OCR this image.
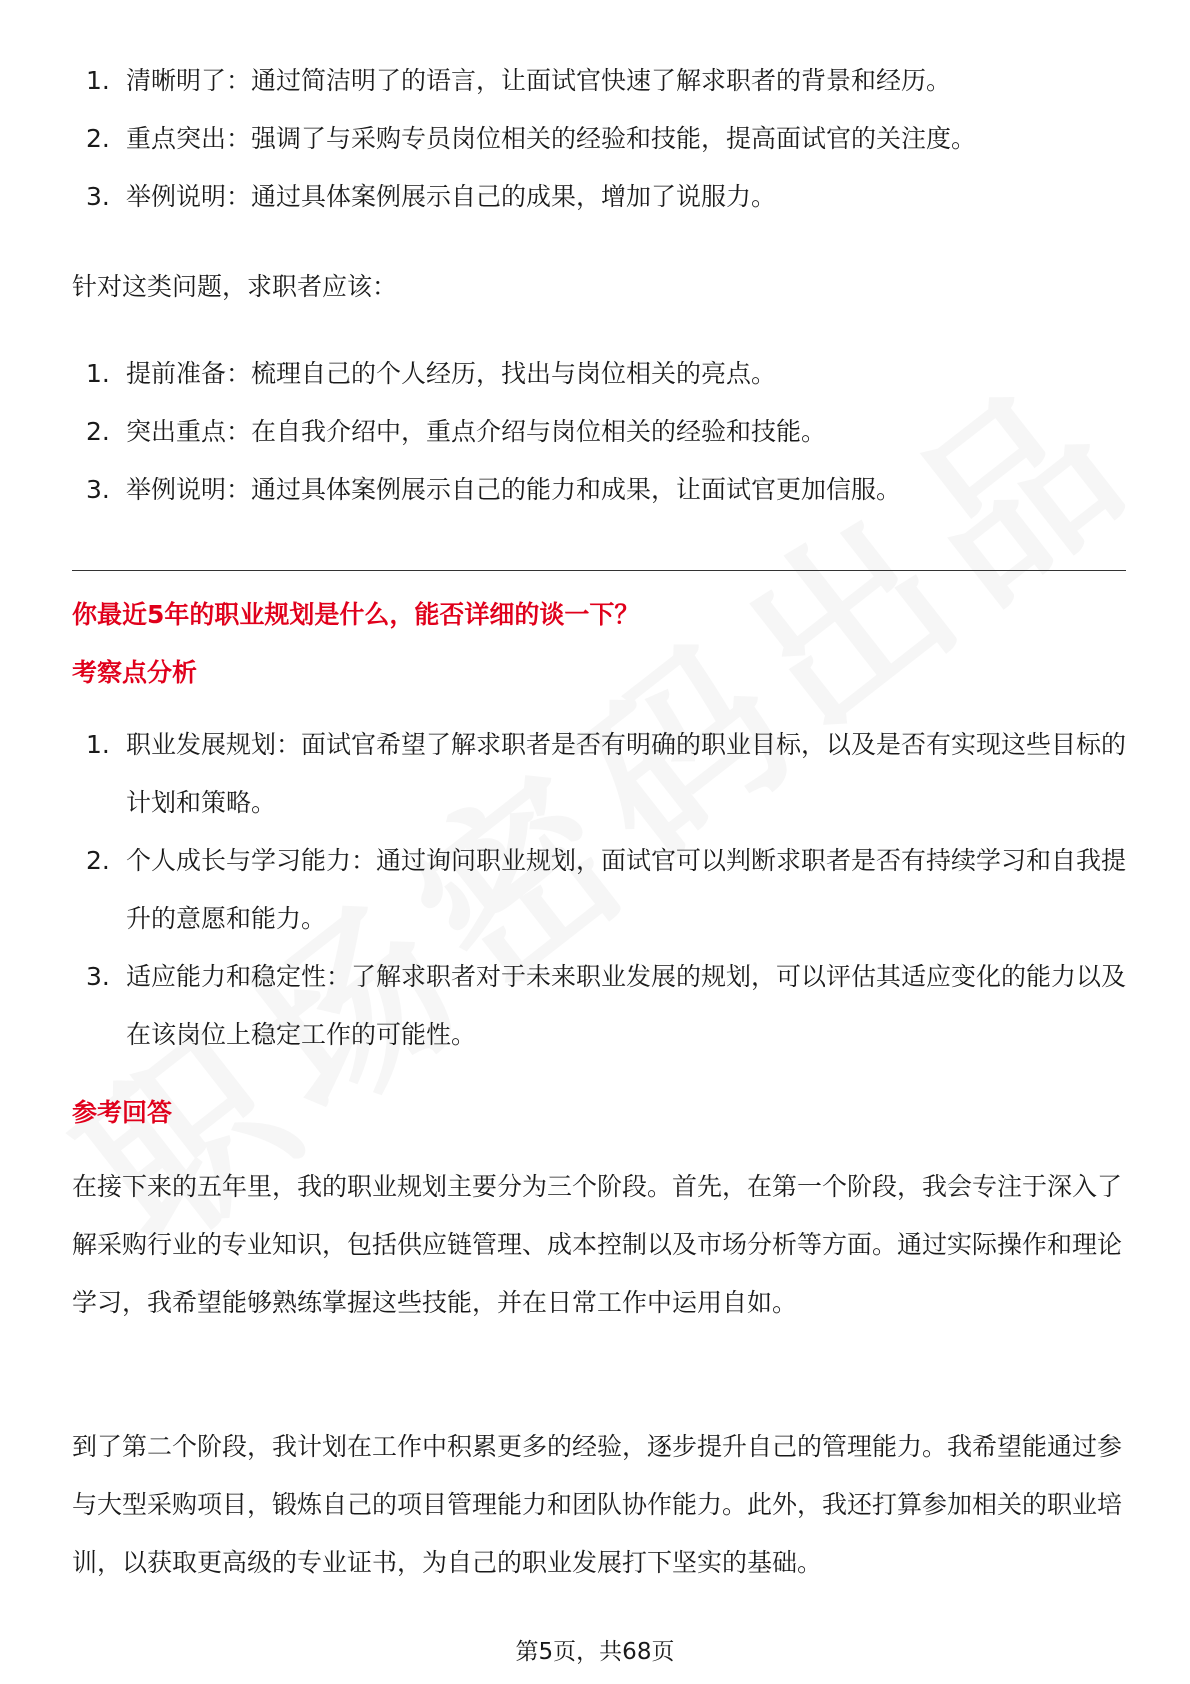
1. 清晰明了：通过简洁明了的语言，让面试官快速了解求职者的背景和经历。
2. 重点突出：强调了与采购专员岗位相关的经验和技能，提高面试官的关注度。
3. 举例说明：通过具体案例展示自己的成果，增加了说服力。
针对这类问题，求职者应该：
1. 提前准备：梳理自己的个人经历，找出与岗位相关的亮点。
2. 突出重点：在自我介绍中，重点介绍与岗位相关的经验和技能。
3. 举例说明：通过具体案例展示自己的能力和成果，让面试官更加信服。
你最近5年的职业规划是什么，能否详细的谈一下？
考察点分析
1. 职业发展规划：面试官希望了解求职者是否有明确的职业目标，以及是否有实现这些目标的计划和策略。
2. 个人成长与学习能力：通过询问职业规划，面试官可以判断求职者是否有持续学习和自我提升的意愿和能力。
3. 适应能力和稳定性：了解求职者对于未来职业发展的规划，可以评估其适应变化的能力以及在该岗位上稳定工作的可能性。
参考回答
在接下来的五年里，我的职业规划主要分为三个阶段。首先，在第一个阶段，我会专注于深入了解采购行业的专业知识，包括供应链管理、成本控制以及市场分析等方面。通过实际操作和理论学习，我希望能够熟练掌握这些技能，并在日常工作中运用自如。
到了第二个阶段，我计划在工作中积累更多的经验，逐步提升自己的管理能力。我希望能通过参与大型采购项目，锻炼自己的项目管理能力和团队协作能力。此外，我还打算参加相关的职业培训，以获取更高级的专业证书，为自己的职业发展打下坚实的基础。
第5页，共68页
